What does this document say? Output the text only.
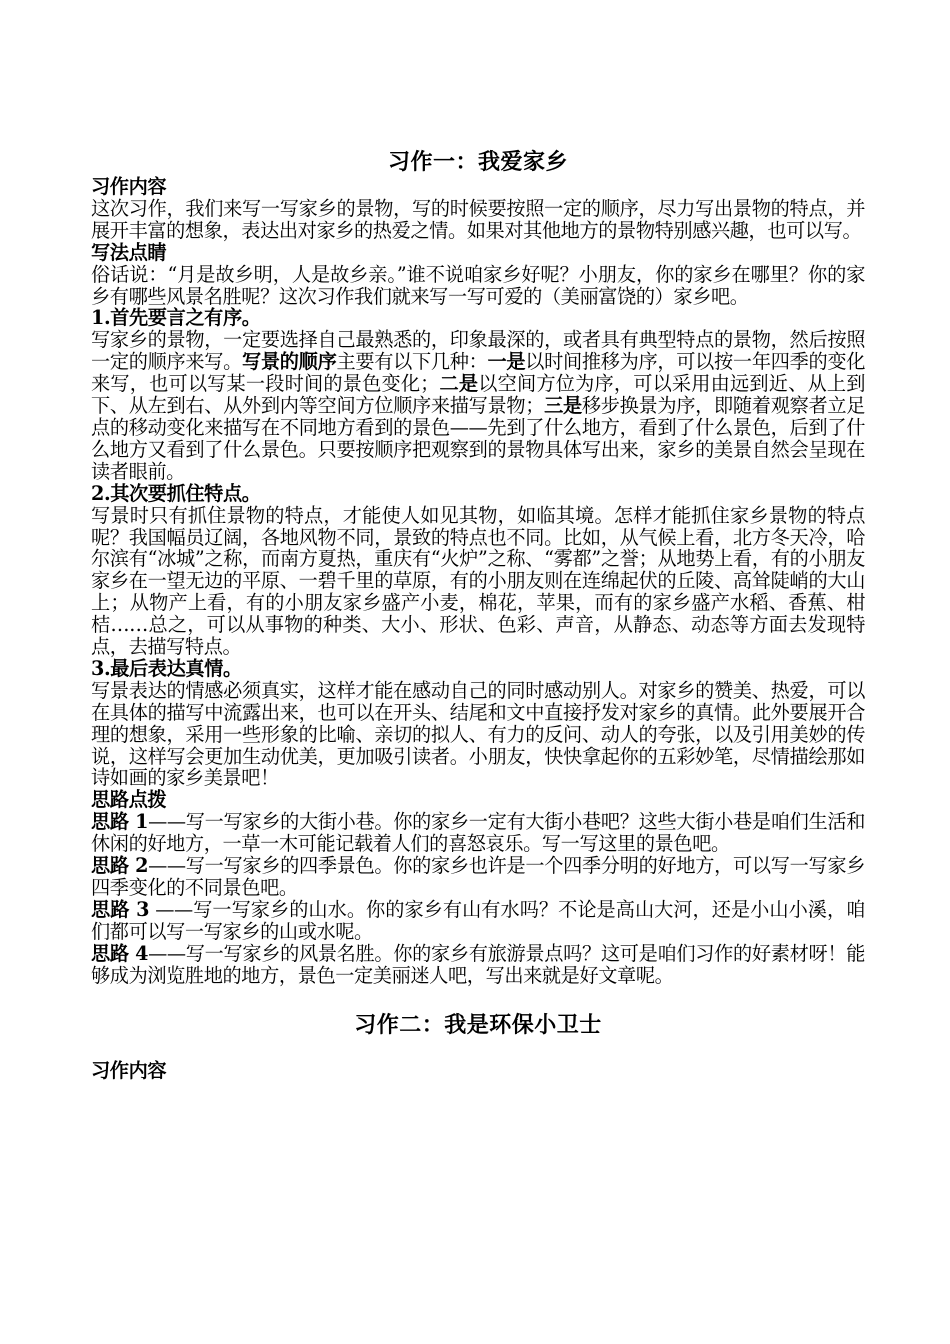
习作一：我爱家乡
习作内容

这次习作，我们来写一写家乡的景物，写的时候要按照一定的顺序，尽力写出景物的特点，并展开丰富的想象，表达出对家乡的热爱之情。如果对其他地方的景物特别感兴趣，也可以写。

写法点睛

俗话说：“月是故乡明，人是故乡亲。”谁不说咱家乡好呢？小朋友，你的家乡在哪里？你的家乡有哪些风景名胜呢？这次习作我们就来写一写可爱的（美丽富饶的）家乡吧。

1.首先要言之有序。

写家乡的景物，一定要选择自己最熟悉的，印象最深的，或者具有典型特点的景物，然后按照一定的顺序来写。写景的顺序主要有以下几种：一是以时间推移为序，可以按一年四季的变化来写，也可以写某一段时间的景色变化；二是以空间方位为序，可以采用由远到近、从上到下、从左到右、从外到内等空间方位顺序来描写景物；三是移步换景为序，即随着观察者立足点的移动变化来描写在不同地方看到的景色——先到了什么地方，看到了什么景色，后到了什么地方又看到了什么景色。只要按顺序把观察到的景物具体写出来，家乡的美景自然会呈现在读者眼前。

2.其次要抓住特点。

写景时只有抓住景物的特点，才能使人如见其物，如临其境。怎样才能抓住家乡景物的特点呢？我国幅员辽阔，各地风物不同，景致的特点也不同。比如，从气候上看，北方冬天冷，哈尔滨有“冰城”之称，而南方夏热，重庆有“火炉”之称、“雾都”之誉；从地势上看，有的小朋友家乡在一望无边的平原、一碧千里的草原，有的小朋友则在连绵起伏的丘陵、高耸陡峭的大山上；从物产上看，有的小朋友家乡盛产小麦，棉花，苹果，而有的家乡盛产水稻、香蕉、柑桔……总之，可以从事物的种类、大小、形状、色彩、声音，从静态、动态等方面去发现特点，去描写特点。

3.最后表达真情。

写景表达的情感必须真实，这样才能在感动自己的同时感动别人。对家乡的赞美、热爱，可以在具体的描写中流露出来，也可以在开头、结尾和文中直接抒发对家乡的真情。此外要展开合理的想象，采用一些形象的比喻、亲切的拟人、有力的反问、动人的夸张，以及引用美妙的传说，这样写会更加生动优美，更加吸引读者。小朋友，快快拿起你的五彩妙笔，尽情描绘那如诗如画的家乡美景吧！

思路点拨

思路 1——写一写家乡的大街小巷。你的家乡一定有大街小巷吧？这些大街小巷是咱们生活和休闲的好地方，一草一木可能记载着人们的喜怒哀乐。写一写这里的景色吧。

思路 2——写一写家乡的四季景色。你的家乡也许是一个四季分明的好地方，可以写一写家乡四季变化的不同景色吧。

思路 3 ——写一写家乡的山水。你的家乡有山有水吗？不论是高山大河，还是小山小溪，咱们都可以写一写家乡的山或水呢。

思路 4——写一写家乡的风景名胜。你的家乡有旅游景点吗？这可是咱们习作的好素材呀！能够成为浏览胜地的地方，景色一定美丽迷人吧，写出来就是好文章呢。

习作二：我是环保小卫士
习作内容
